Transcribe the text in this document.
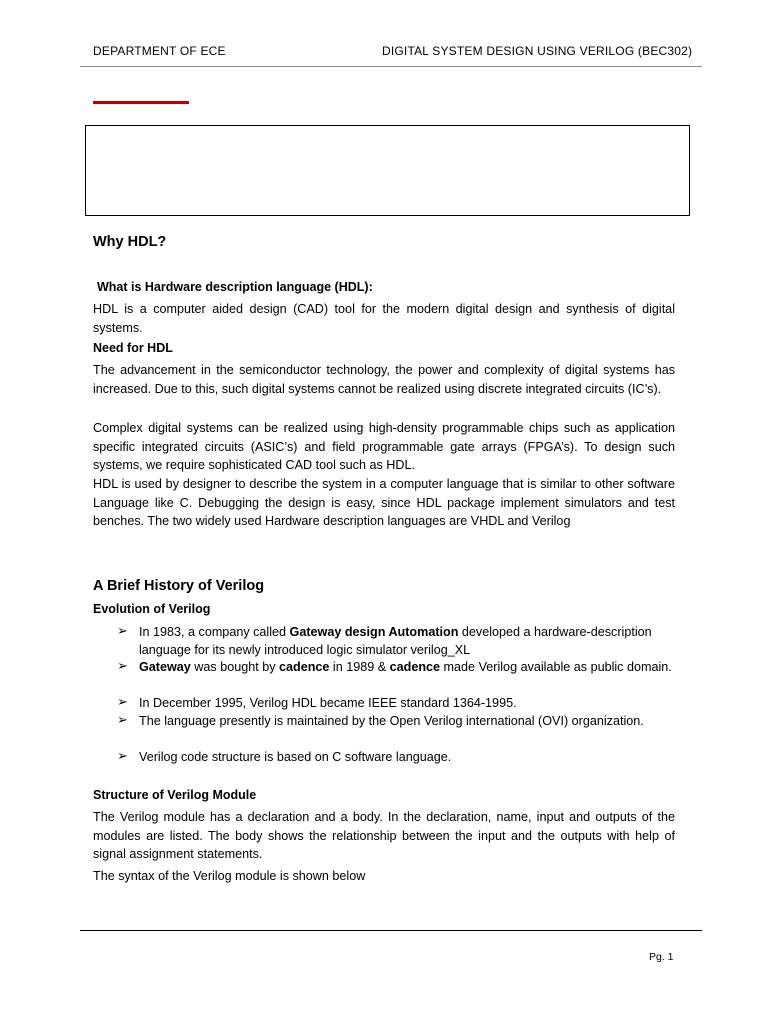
DEPARTMENT OF ECE	DIGITAL SYSTEM DESIGN USING VERILOG (BEC302)
Why HDL?
What is Hardware description language (HDL):
HDL is a computer aided design (CAD) tool for the modern digital design and synthesis of digital systems.
Need for HDL
The advancement in the semiconductor technology, the power and complexity of digital systems has increased. Due to this, such digital systems cannot be realized using discrete integrated circuits (IC’s).
Complex digital systems can be realized using high-density programmable chips such as application specific integrated circuits (ASIC’s) and field programmable gate arrays (FPGA’s). To design such systems, we require sophisticated CAD tool such as HDL.
HDL is used by designer to describe the system in a computer language that is similar to other software Language like C. Debugging the design is easy, since HDL package implement simulators and test benches. The two widely used Hardware description languages are VHDL and Verilog
A Brief History of Verilog
Evolution of Verilog
➢ In 1983, a company called Gateway design Automation developed a hardware-description language for its newly introduced logic simulator verilog_XL
➢ Gateway was bought by cadence in 1989 & cadence made Verilog available as public domain.
➢ In December 1995, Verilog HDL became IEEE standard 1364-1995.
➢ The language presently is maintained by the Open Verilog international (OVI) organization.
➢ Verilog code structure is based on C software language.
Structure of Verilog Module
The Verilog module has a declaration and a body. In the declaration, name, input and outputs of the modules are listed. The body shows the relationship between the input and the outputs with help of signal assignment statements.
The syntax of the Verilog module is shown below
Pg. 1
